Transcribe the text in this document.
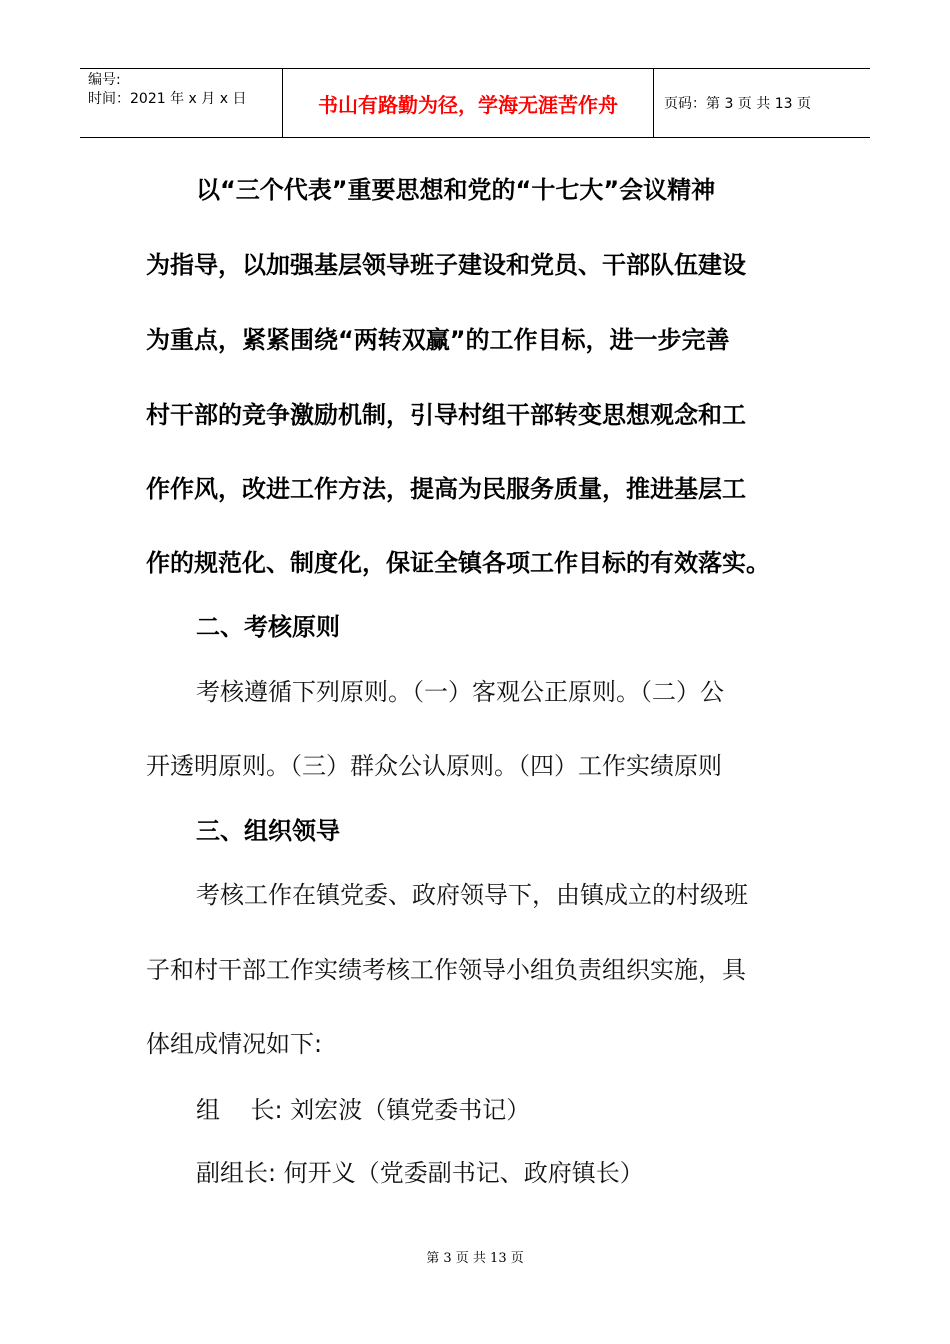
编号:
时间：2021 年 x 月 x 日	书山有路勤为径，学海无涯苦作舟	页码：第 3 页 共 13 页
以“三个代表”重要思想和党的“十七大”会议精神
为指导，以加强基层领导班子建设和党员、干部队伍建设
为重点，紧紧围绕“两转双赢”的工作目标，进一步完善
村干部的竞争激励机制，引导村组干部转变思想观念和工
作作风，改进工作方法，提高为民服务质量，推进基层工
作的规范化、制度化，保证全镇各项工作目标的有效落实。
二、考核原则
考核遵循下列原则。（一）客观公正原则。（二）公
开透明原则。（三）群众公认原则。（四）工作实绩原则
三、组织领导
考核工作在镇党委、政府领导下，由镇成立的村级班
子和村干部工作实绩考核工作领导小组负责组织实施，具
体组成情况如下:
组    长: 刘宏波（镇党委书记）
副组长: 何开义（党委副书记、政府镇长）
第 3 页 共 13 页
